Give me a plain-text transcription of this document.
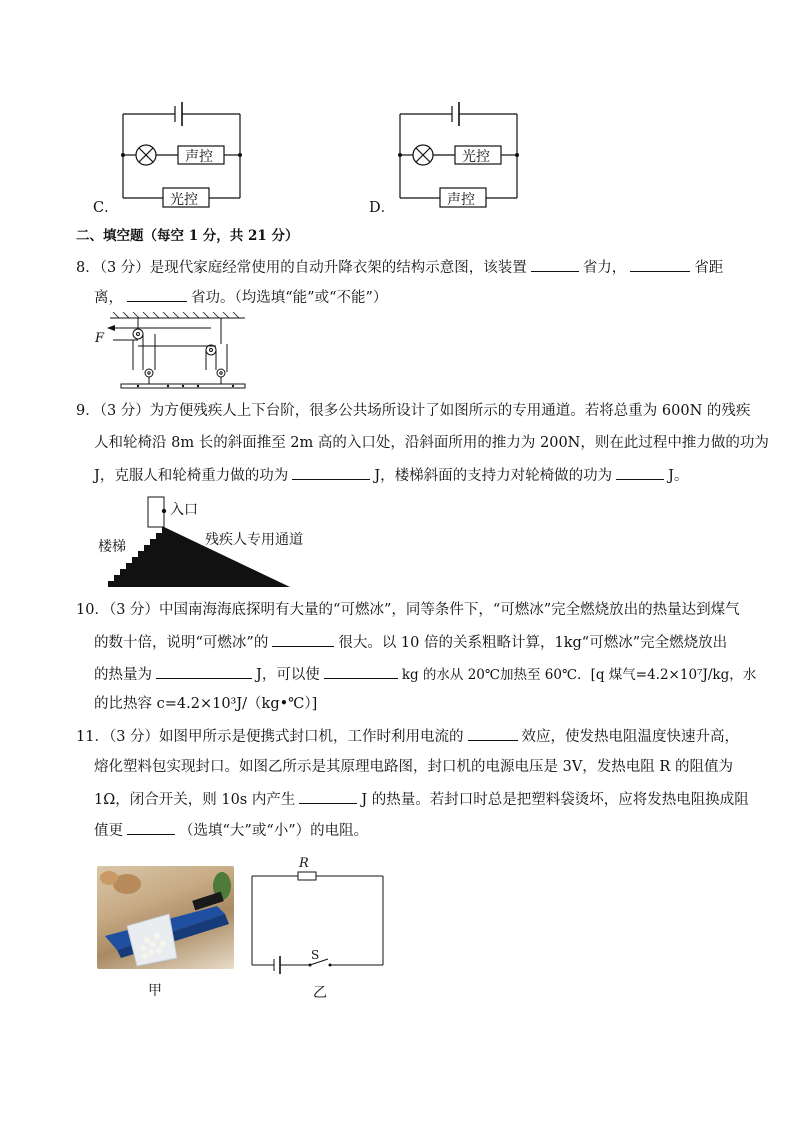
声控
光控
C．
光控
声控
D．
二、填空题（每空 1 分，共 21 分）
8．（3 分）是现代家庭经常使用的自动升降衣架的结构示意图，该装置	省力，	省距
离，	省功。（均选填“能”或“不能”）
F
9．（3 分）为方便残疾人上下台阶，很多公共场所设计了如图所示的专用通道。若将总重为 600N 的残疾
人和轮椅沿 8m 长的斜面推至 2m 高的入口处，沿斜面所用的推力为 200N，则在此过程中推力做的功为
J，克服人和轮椅重力做的功为	J，楼梯斜面的支持力对轮椅做的功为	J。
入口
楼梯	残疾人专用通道
10．（3 分）中国南海海底探明有大量的“可燃冰”，同等条件下，“可燃冰”完全燃烧放出的热量达到煤气
的数十倍，说明“可燃冰”的	很大。以 10 倍的关系粗略计算，1kg“可燃冰”完全燃烧放出
的热量为	J，可以使	kg 的水从 20℃加热至 60℃．[q 煤气=4.2×10⁷J/kg，水
的比热容 c=4.2×10³J/（kg•℃）]
11．（3 分）如图甲所示是便携式封口机，工作时利用电流的	效应，使发热电阻温度快速升高，
熔化塑料包实现封口。如图乙所示是其原理电路图，封口机的电源电压是 3V，发热电阻 R 的阻值为
1Ω，闭合开关，则 10s 内产生	J 的热量。若封口时总是把塑料袋烫坏，应将发热电阻换成阻
值更	（选填“大”或“小”）的电阻。
甲
R
S
乙
